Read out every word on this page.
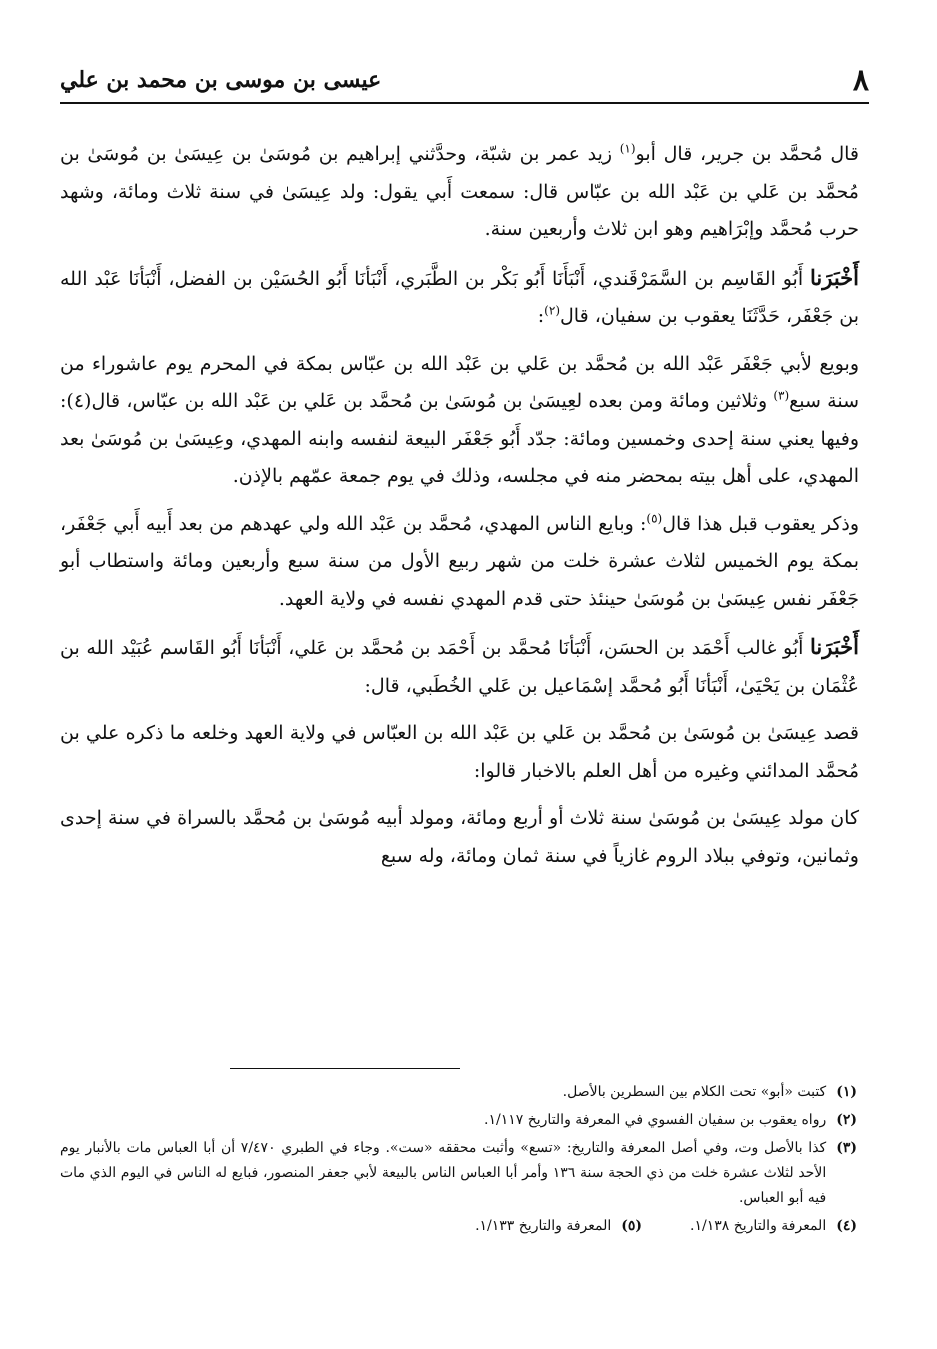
٨
عيسى بن موسى بن محمد بن علي

قال مُحمَّد بن جرير، قال أبو$^{(١)}$ زيد عمر بن شبّة، وحدَّثني إبراهيم بن مُوسَىٰ بن عِيسَىٰ بن مُوسَىٰ بن مُحمَّد بن عَلي بن عَبْد الله بن عبّاس قال: سمعت أَبي يقول: ولد عِيسَىٰ في سنة ثلاث ومائة، وشهد حرب مُحمَّد وإبْرَاهيم وهو ابن ثلاث وأربعين سنة.

أَخْبَرَنا أَبُو القَاسِم بن السَّمَرْقَندي، أَنْبَأَنَا أَبُو بَكْر بن الطَّبَري، أَنْبَأنَا أَبُو الحُسَيْن بن الفضل، أَنْبَأنَا عَبْد الله بن جَعْفَر، حَدَّثَنَا يعقوب بن سفيان، قال$^{(٢)}$:

وبويع لأبي جَعْفَر عَبْد الله بن مُحمَّد بن عَلي بن عَبْد الله بن عبّاس بمكة في المحرم يوم عاشوراء من سنة سبع$^{(٣)}$ وثلاثين ومائة ومن بعده لعِيسَىٰ بن مُوسَىٰ بن مُحمَّد بن عَلي بن عَبْد الله بن عبّاس، قال(٤): وفيها يعني سنة إحدى وخمسين ومائة: جدّد أَبُو جَعْفَر البيعة لنفسه وابنه المهدي، وعِيسَىٰ بن مُوسَىٰ بعد المهدي، على أهل بيته بمحضر منه في مجلسه، وذلك في يوم جمعة عمّهم بالإذن.

وذكر يعقوب قبل هذا قال$^{(٥)}$: وبايع الناس المهدي، مُحمَّد بن عَبْد الله ولي عهدهم من بعد أَبيه أَبي جَعْفَر، بمكة يوم الخميس لثلاث عشرة خلت من شهر ربيع الأول من سنة سبع وأربعين ومائة واستطاب أبو جَعْفَر نفس عِيسَىٰ بن مُوسَىٰ حينئذ حتى قدم المهدي نفسه في ولاية العهد.

أَخْبَرَنا أَبُو غالب أَحْمَد بن الحسَن، أَنْبَأنَا مُحمَّد بن أَحْمَد بن مُحمَّد بن عَلي، أَنْبَأنَا أَبُو القَاسم عُبَيْد الله بن عُثْمَان بن يَحْيَىٰ، أَنْبَأنَا أَبُو مُحمَّد إسْمَاعيل بن عَلي الخُطَبي، قال:

قصد عِيسَىٰ بن مُوسَىٰ بن مُحمَّد بن عَلي بن عَبْد الله بن العبّاس في ولاية العهد وخلعه ما ذكره علي بن مُحمَّد المدائني وغيره من أهل العلم بالاخبار قالوا:

كان مولد عِيسَىٰ بن مُوسَىٰ سنة ثلاث أو أربع ومائة، ومولد أبيه مُوسَىٰ بن مُحمَّد بالسراة في سنة إحدى وثمانين، وتوفي ببلاد الروم غازياً في سنة ثمان ومائة، وله سبع

(١)
كتبت «أبو» تحت الكلام بين السطرين بالأصل.
(٢)
رواه يعقوب بن سفيان الفسوي في المعرفة والتاريخ ١/١١٧.
(٣)
كذا بالأصل وت، وفي أصل المعرفة والتاريخ: «تسع» وأثبت محققه «ست». وجاء في الطبري ٧/٤٧٠ أن أبا العباس مات بالأنبار يوم الأحد لثلاث عشرة خلت من ذي الحجة سنة ١٣٦ وأمر أبا العباس الناس بالبيعة لأبي جعفر المنصور، فبايع له الناس في اليوم الذي مات فيه أبو العباس.
(٤)
المعرفة والتاريخ ١/١٣٨.
(٥)
المعرفة والتاريخ ١/١٣٣.
